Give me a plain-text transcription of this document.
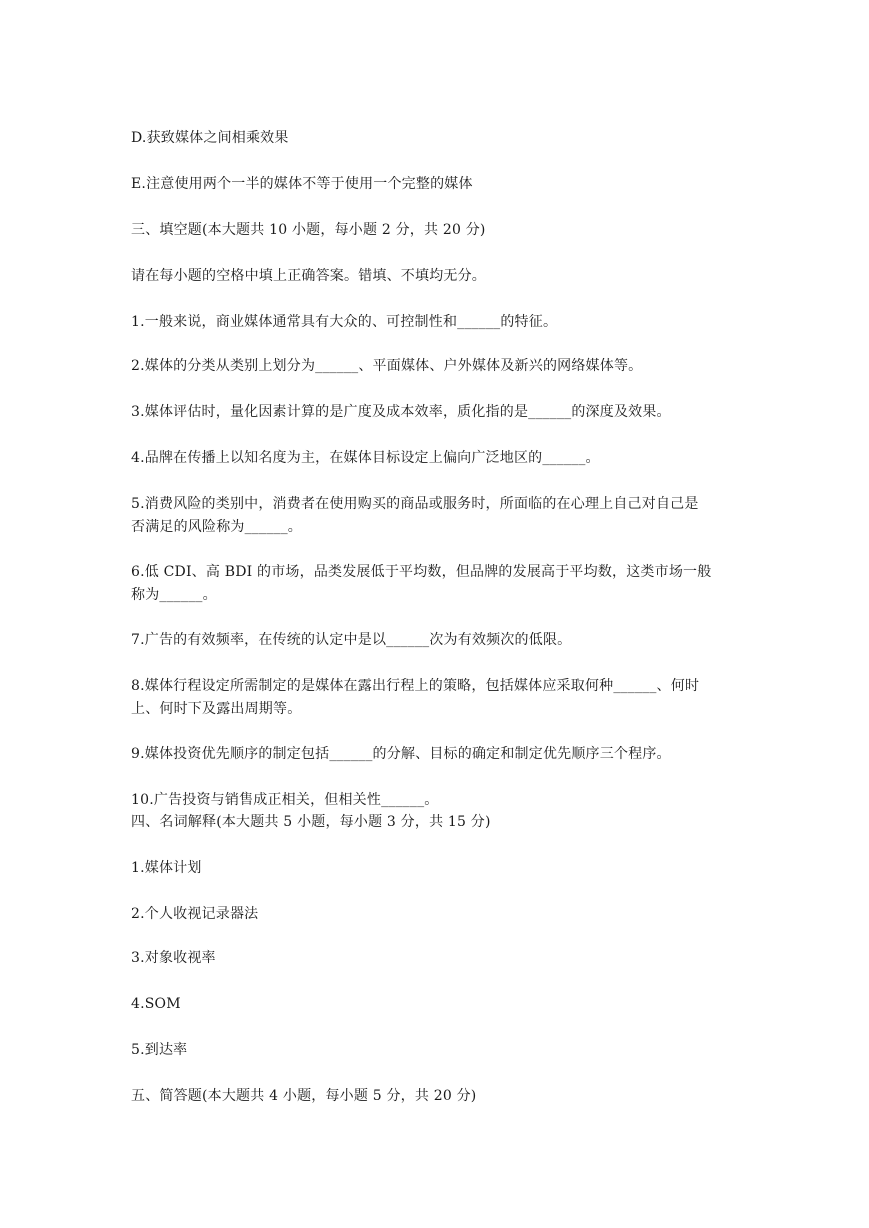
D.获致媒体之间相乘效果
E.注意使用两个一半的媒体不等于使用一个完整的媒体
三、填空题(本大题共 10 小题，每小题 2 分，共 20 分)
请在每小题的空格中填上正确答案。错填、不填均无分。
1.一般来说，商业媒体通常具有大众的、可控制性和______的特征。
2.媒体的分类从类别上划分为______、平面媒体、户外媒体及新兴的网络媒体等。
3.媒体评估时，量化因素计算的是广度及成本效率，质化指的是______的深度及效果。
4.品牌在传播上以知名度为主，在媒体目标设定上偏向广泛地区的______。
5.消费风险的类别中，消费者在使用购买的商品或服务时，所面临的在心理上自己对自己是
否满足的风险称为______。
6.低 CDI、高 BDI 的市场，品类发展低于平均数，但品牌的发展高于平均数，这类市场一般
称为______。
7.广告的有效频率，在传统的认定中是以______次为有效频次的低限。
8.媒体行程设定所需制定的是媒体在露出行程上的策略，包括媒体应采取何种______、何时
上、何时下及露出周期等。
9.媒体投资优先顺序的制定包括______的分解、目标的确定和制定优先顺序三个程序。
10.广告投资与销售成正相关，但相关性______。
四、名词解释(本大题共 5 小题，每小题 3 分，共 15 分)
1.媒体计划
2.个人收视记录器法
3.对象收视率
4.SOM
5.到达率
五、简答题(本大题共 4 小题，每小题 5 分，共 20 分)
